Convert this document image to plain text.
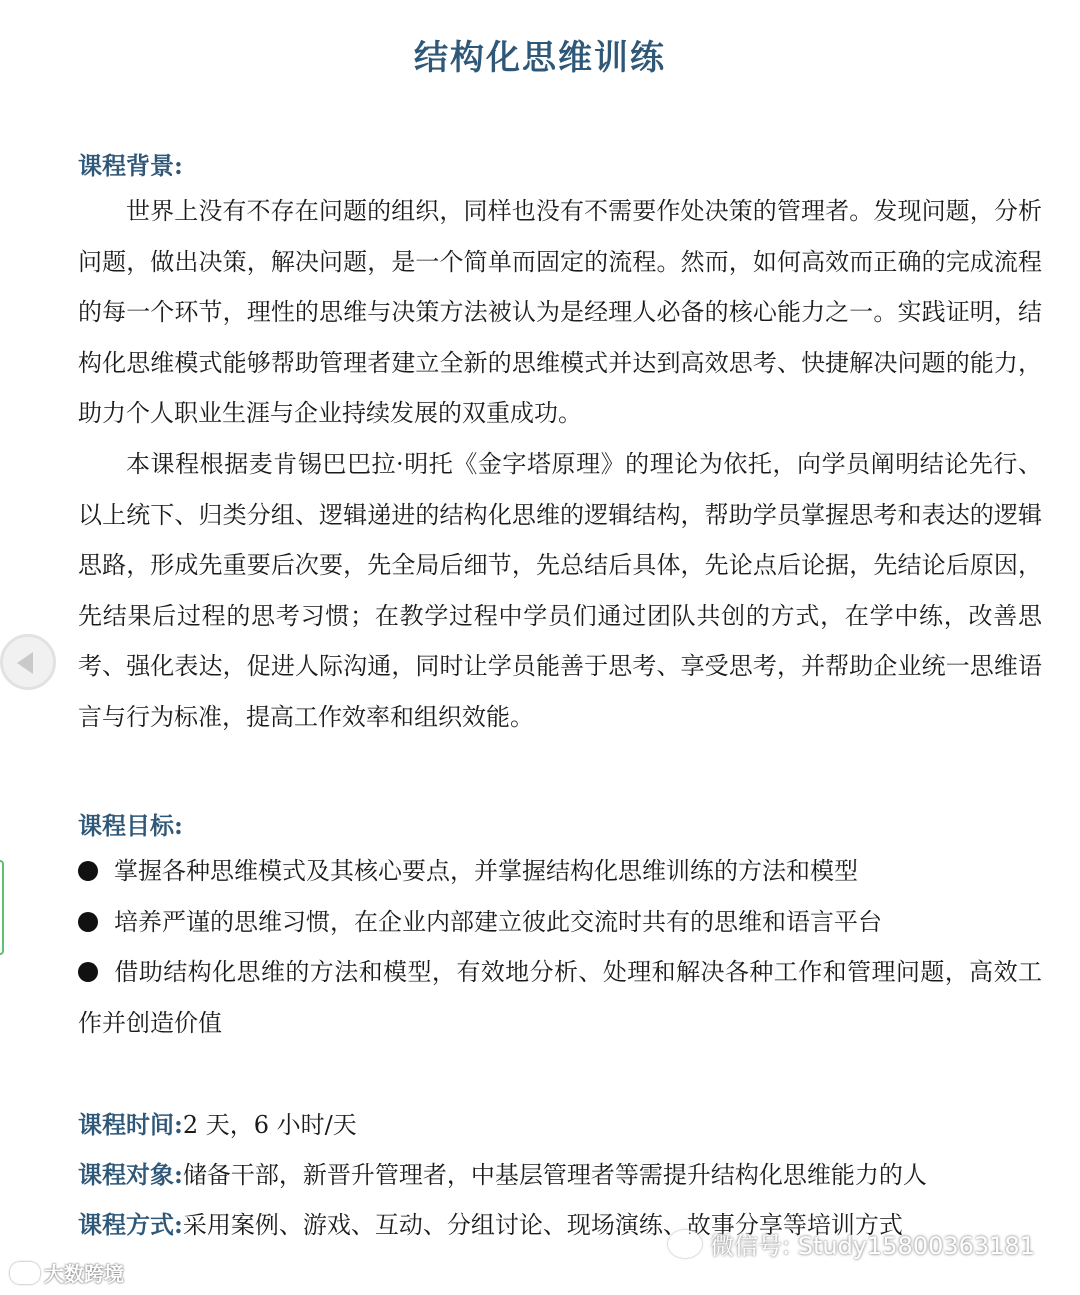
结构化思维训练
课程背景:

世界上没有不存在问题的组织，同样也没有不需要作处决策的管理者。发现问题，分析问题，做出决策，解决问题，是一个简单而固定的流程。然而，如何高效而正确的完成流程的每一个环节，理性的思维与决策方法被认为是经理人必备的核心能力之一。实践证明，结构化思维模式能够帮助管理者建立全新的思维模式并达到高效思考、快捷解决问题的能力，助力个人职业生涯与企业持续发展的双重成功。

本课程根据麦肯锡巴巴拉·明托《金字塔原理》的理论为依托，向学员阐明结论先行、以上统下、归类分组、逻辑递进的结构化思维的逻辑结构，帮助学员掌握思考和表达的逻辑思路，形成先重要后次要，先全局后细节，先总结后具体，先论点后论据，先结论后原因，先结果后过程的思考习惯；在教学过程中学员们通过团队共创的方式，在学中练，改善思考、强化表达，促进人际沟通，同时让学员能善于思考、享受思考，并帮助企业统一思维语言与行为标准，提高工作效率和组织效能。

课程目标:
掌握各种思维模式及其核心要点，并掌握结构化思维训练的方法和模型
培养严谨的思维习惯，在企业内部建立彼此交流时共有的思维和语言平台
借助结构化思维的方法和模型，有效地分析、处理和解决各种工作和管理问题，高效工作并创造价值
课程时间:2 天，6 小时/天
课程对象:储备干部，新晋升管理者，中基层管理者等需提升结构化思维能力的人
课程方式:采用案例、游戏、互动、分组讨论、现场演练、故事分享等培训方式
大数跨境
微信号: Study15800363181
